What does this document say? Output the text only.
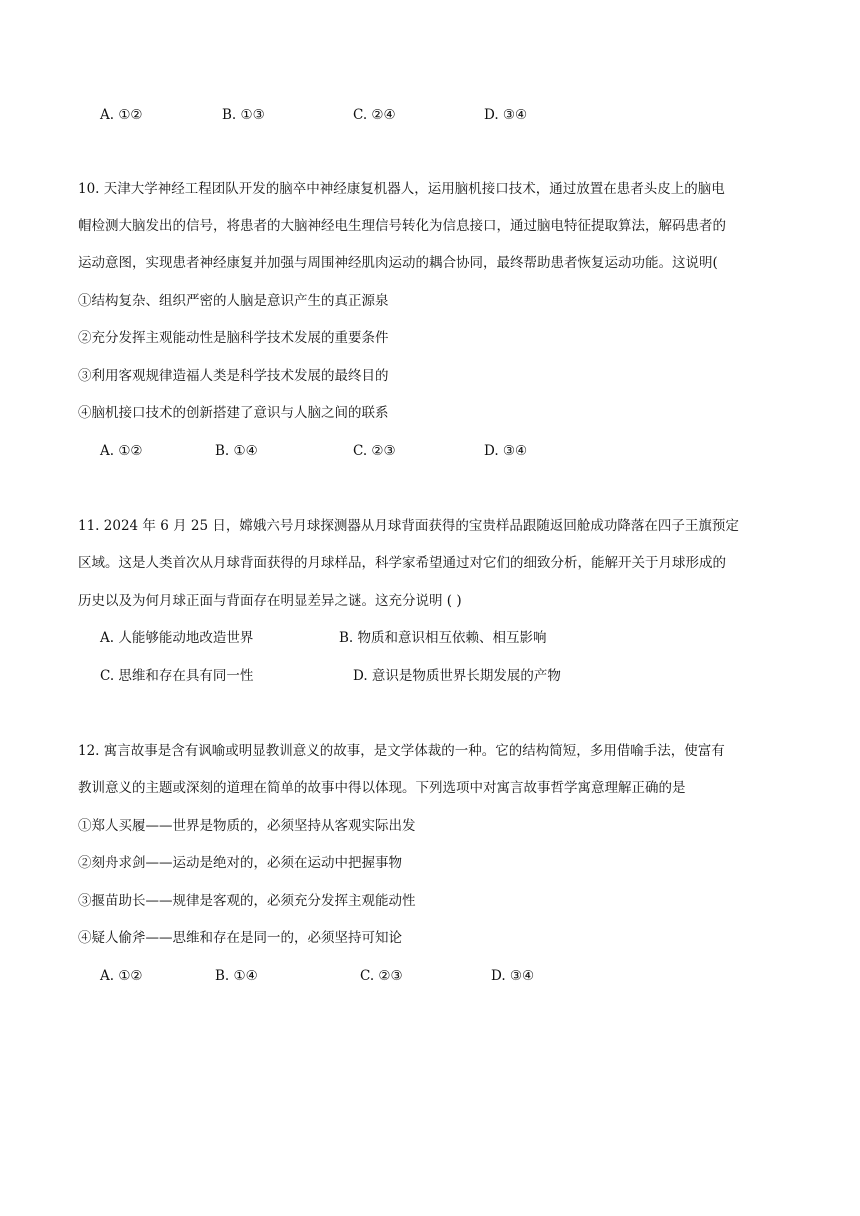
A. ①②	B. ①③	C. ②④	D. ③④
10. 天津大学神经工程团队开发的脑卒中神经康复机器人，运用脑机接口技术，通过放置在患者头皮上的脑电
帽检测大脑发出的信号，将患者的大脑神经电生理信号转化为信息接口，通过脑电特征提取算法，解码患者的
运动意图，实现患者神经康复并加强与周围神经肌肉运动的耦合协同，最终帮助患者恢复运动功能。这说明(
①结构复杂、组织严密的人脑是意识产生的真正源泉
②充分发挥主观能动性是脑科学技术发展的重要条件
③利用客观规律造福人类是科学技术发展的最终目的
④脑机接口技术的创新搭建了意识与人脑之间的联系
A. ①②	B. ①④	C. ②③	D. ③④
11. 2024 年 6 月 25 日，嫦娥六号月球探测器从月球背面获得的宝贵样品跟随返回舱成功降落在四子王旗预定
区域。这是人类首次从月球背面获得的月球样品，科学家希望通过对它们的细致分析，能解开关于月球形成的
历史以及为何月球正面与背面存在明显差异之谜。这充分说明 ( )
A. 人能够能动地改造世界	B. 物质和意识相互依赖、相互影响
C. 思维和存在具有同一性	D. 意识是物质世界长期发展的产物
12. 寓言故事是含有讽喻或明显教训意义的故事，是文学体裁的一种。它的结构简短，多用借喻手法，使富有
教训意义的主题或深刻的道理在简单的故事中得以体现。下列选项中对寓言故事哲学寓意理解正确的是
①郑人买履——世界是物质的，必须坚持从客观实际出发
②刻舟求剑——运动是绝对的，必须在运动中把握事物
③揠苗助长——规律是客观的，必须充分发挥主观能动性
④疑人偷斧——思维和存在是同一的，必须坚持可知论
A. ①②	B. ①④	C. ②③	D. ③④
